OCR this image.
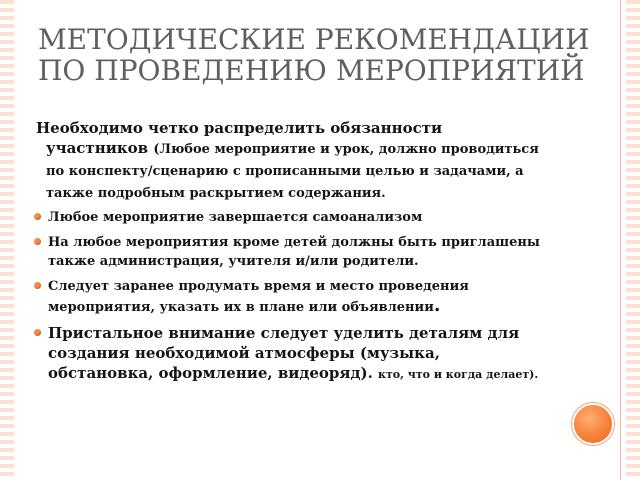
МЕТОДИЧЕСКИЕ РЕКОМЕНДАЦИИ ПО ПРОВЕДЕНИЮ МЕРОПРИЯТИЙ

Необходимо четко распределить обязанности участников (Любое мероприятие и урок, должно проводиться по конспекту/сценарию с прописанными целью и задачами, а также подробным раскрытием содержания.

Любое мероприятие завершается самоанализом
На любое мероприятия кроме детей должны быть приглашены также администрация, учителя и/или родители.
Следует заранее продумать время и место проведения мероприятия, указать их в плане или объявлении.
Пристальное внимание следует уделить деталям для создания необходимой атмосферы (музыка, обстановка, оформление, видеоряд). кто, что и когда делает).
